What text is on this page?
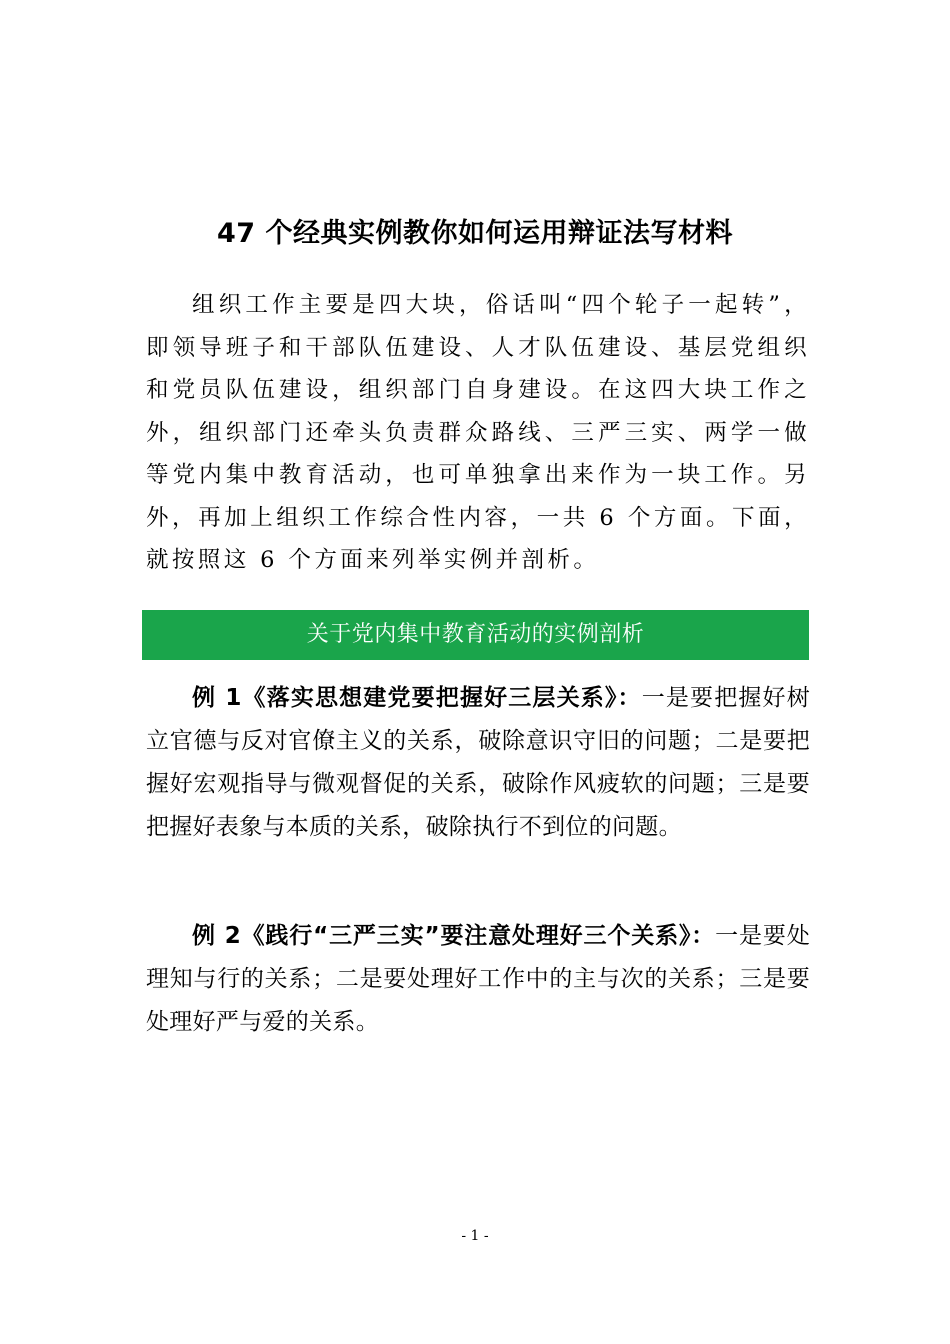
47 个经典实例教你如何运用辩证法写材料

组织工作主要是四大块，俗话叫“四个轮子一起转”，即领导班子和干部队伍建设、人才队伍建设、基层党组织和党员队伍建设，组织部门自身建设。在这四大块工作之外，组织部门还牵头负责群众路线、三严三实、两学一做等党内集中教育活动，也可单独拿出来作为一块工作。另外，再加上组织工作综合性内容，一共 6 个方面。下面，就按照这 6 个方面来列举实例并剖析。

关于党内集中教育活动的实例剖析

例 1《落实思想建党要把握好三层关系》：一是要把握好树立官德与反对官僚主义的关系，破除意识守旧的问题；二是要把握好宏观指导与微观督促的关系，破除作风疲软的问题；三是要把握好表象与本质的关系，破除执行不到位的问题。

例 2《践行“三严三实”要注意处理好三个关系》：一是要处理知与行的关系；二是要处理好工作中的主与次的关系；三是要处理好严与爱的关系。

- 1 -
